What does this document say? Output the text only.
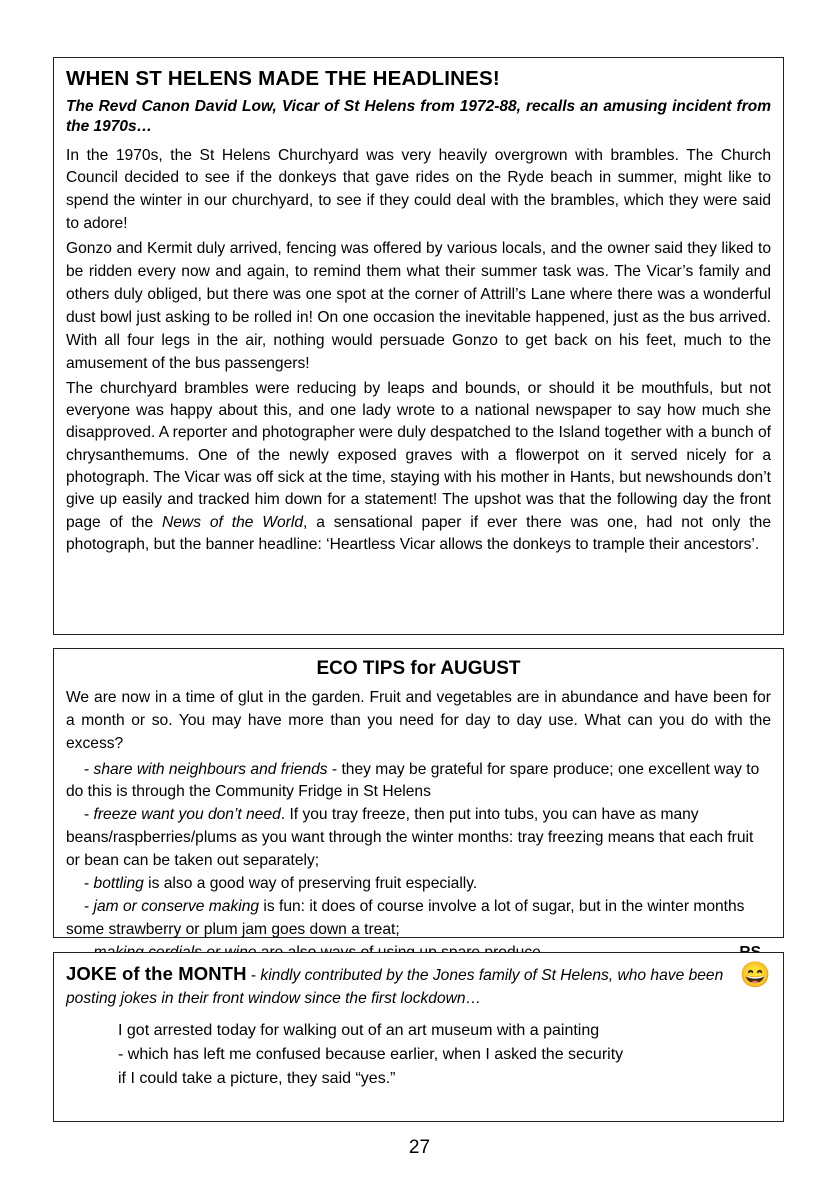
WHEN ST HELENS MADE THE HEADLINES!

The Revd Canon David Low, Vicar of St Helens from 1972-88, recalls an amusing incident from the 1970s…

In the 1970s, the St Helens Churchyard was very heavily overgrown with brambles. The Church Council decided to see if the donkeys that gave rides on the Ryde beach in summer, might like to spend the winter in our churchyard, to see if they could deal with the brambles, which they were said to adore!

Gonzo and Kermit duly arrived, fencing was offered by various locals, and the owner said they liked to be ridden every now and again, to remind them what their summer task was. The Vicar’s family and others duly obliged, but there was one spot at the corner of Attrill’s Lane where there was a wonderful dust bowl just asking to be rolled in! On one occasion the inevitable happened, just as the bus arrived. With all four legs in the air, nothing would persuade Gonzo to get back on his feet, much to the amusement of the bus passengers!

The churchyard brambles were reducing by leaps and bounds, or should it be mouthfuls, but not everyone was happy about this, and one lady wrote to a national newspaper to say how much she disapproved. A reporter and photographer were duly despatched to the Island together with a bunch of chrysanthemums. One of the newly exposed graves with a flowerpot on it served nicely for a photograph. The Vicar was off sick at the time, staying with his mother in Hants, but newshounds don’t give up easily and tracked him down for a statement! The upshot was that the following day the front page of the News of the World, a sensational paper if ever there was one, had not only the photograph, but the banner headline: ‘Heartless Vicar allows the donkeys to trample their ancestors’.

ECO TIPS for AUGUST

We are now in a time of glut in the garden. Fruit and vegetables are in abundance and have been for a month or so. You may have more than you need for day to day use. What can you do with the excess?

- share with neighbours and friends - they may be grateful for spare produce; one excellent way to do this is through the Community Fridge in St Helens

- freeze want you don’t need. If you tray freeze, then put into tubs, you can have as many beans/raspberries/plums as you want through the winter months: tray freezing means that each fruit or bean can be taken out separately;

- bottling is also a good way of preserving fruit especially.

- jam or conserve making is fun: it does of course involve a lot of sugar, but in the winter months some strawberry or plum jam goes down a treat;

JOKE of the MONTH - kindly contributed by the Jones family of St Helens, who have been posting jokes in their front window since the first lockdown…
😄

I got arrested today for walking out of an art museum with a painting
- which has left me confused because earlier, when I asked the security
if I could take a picture, they said “yes.”
27
